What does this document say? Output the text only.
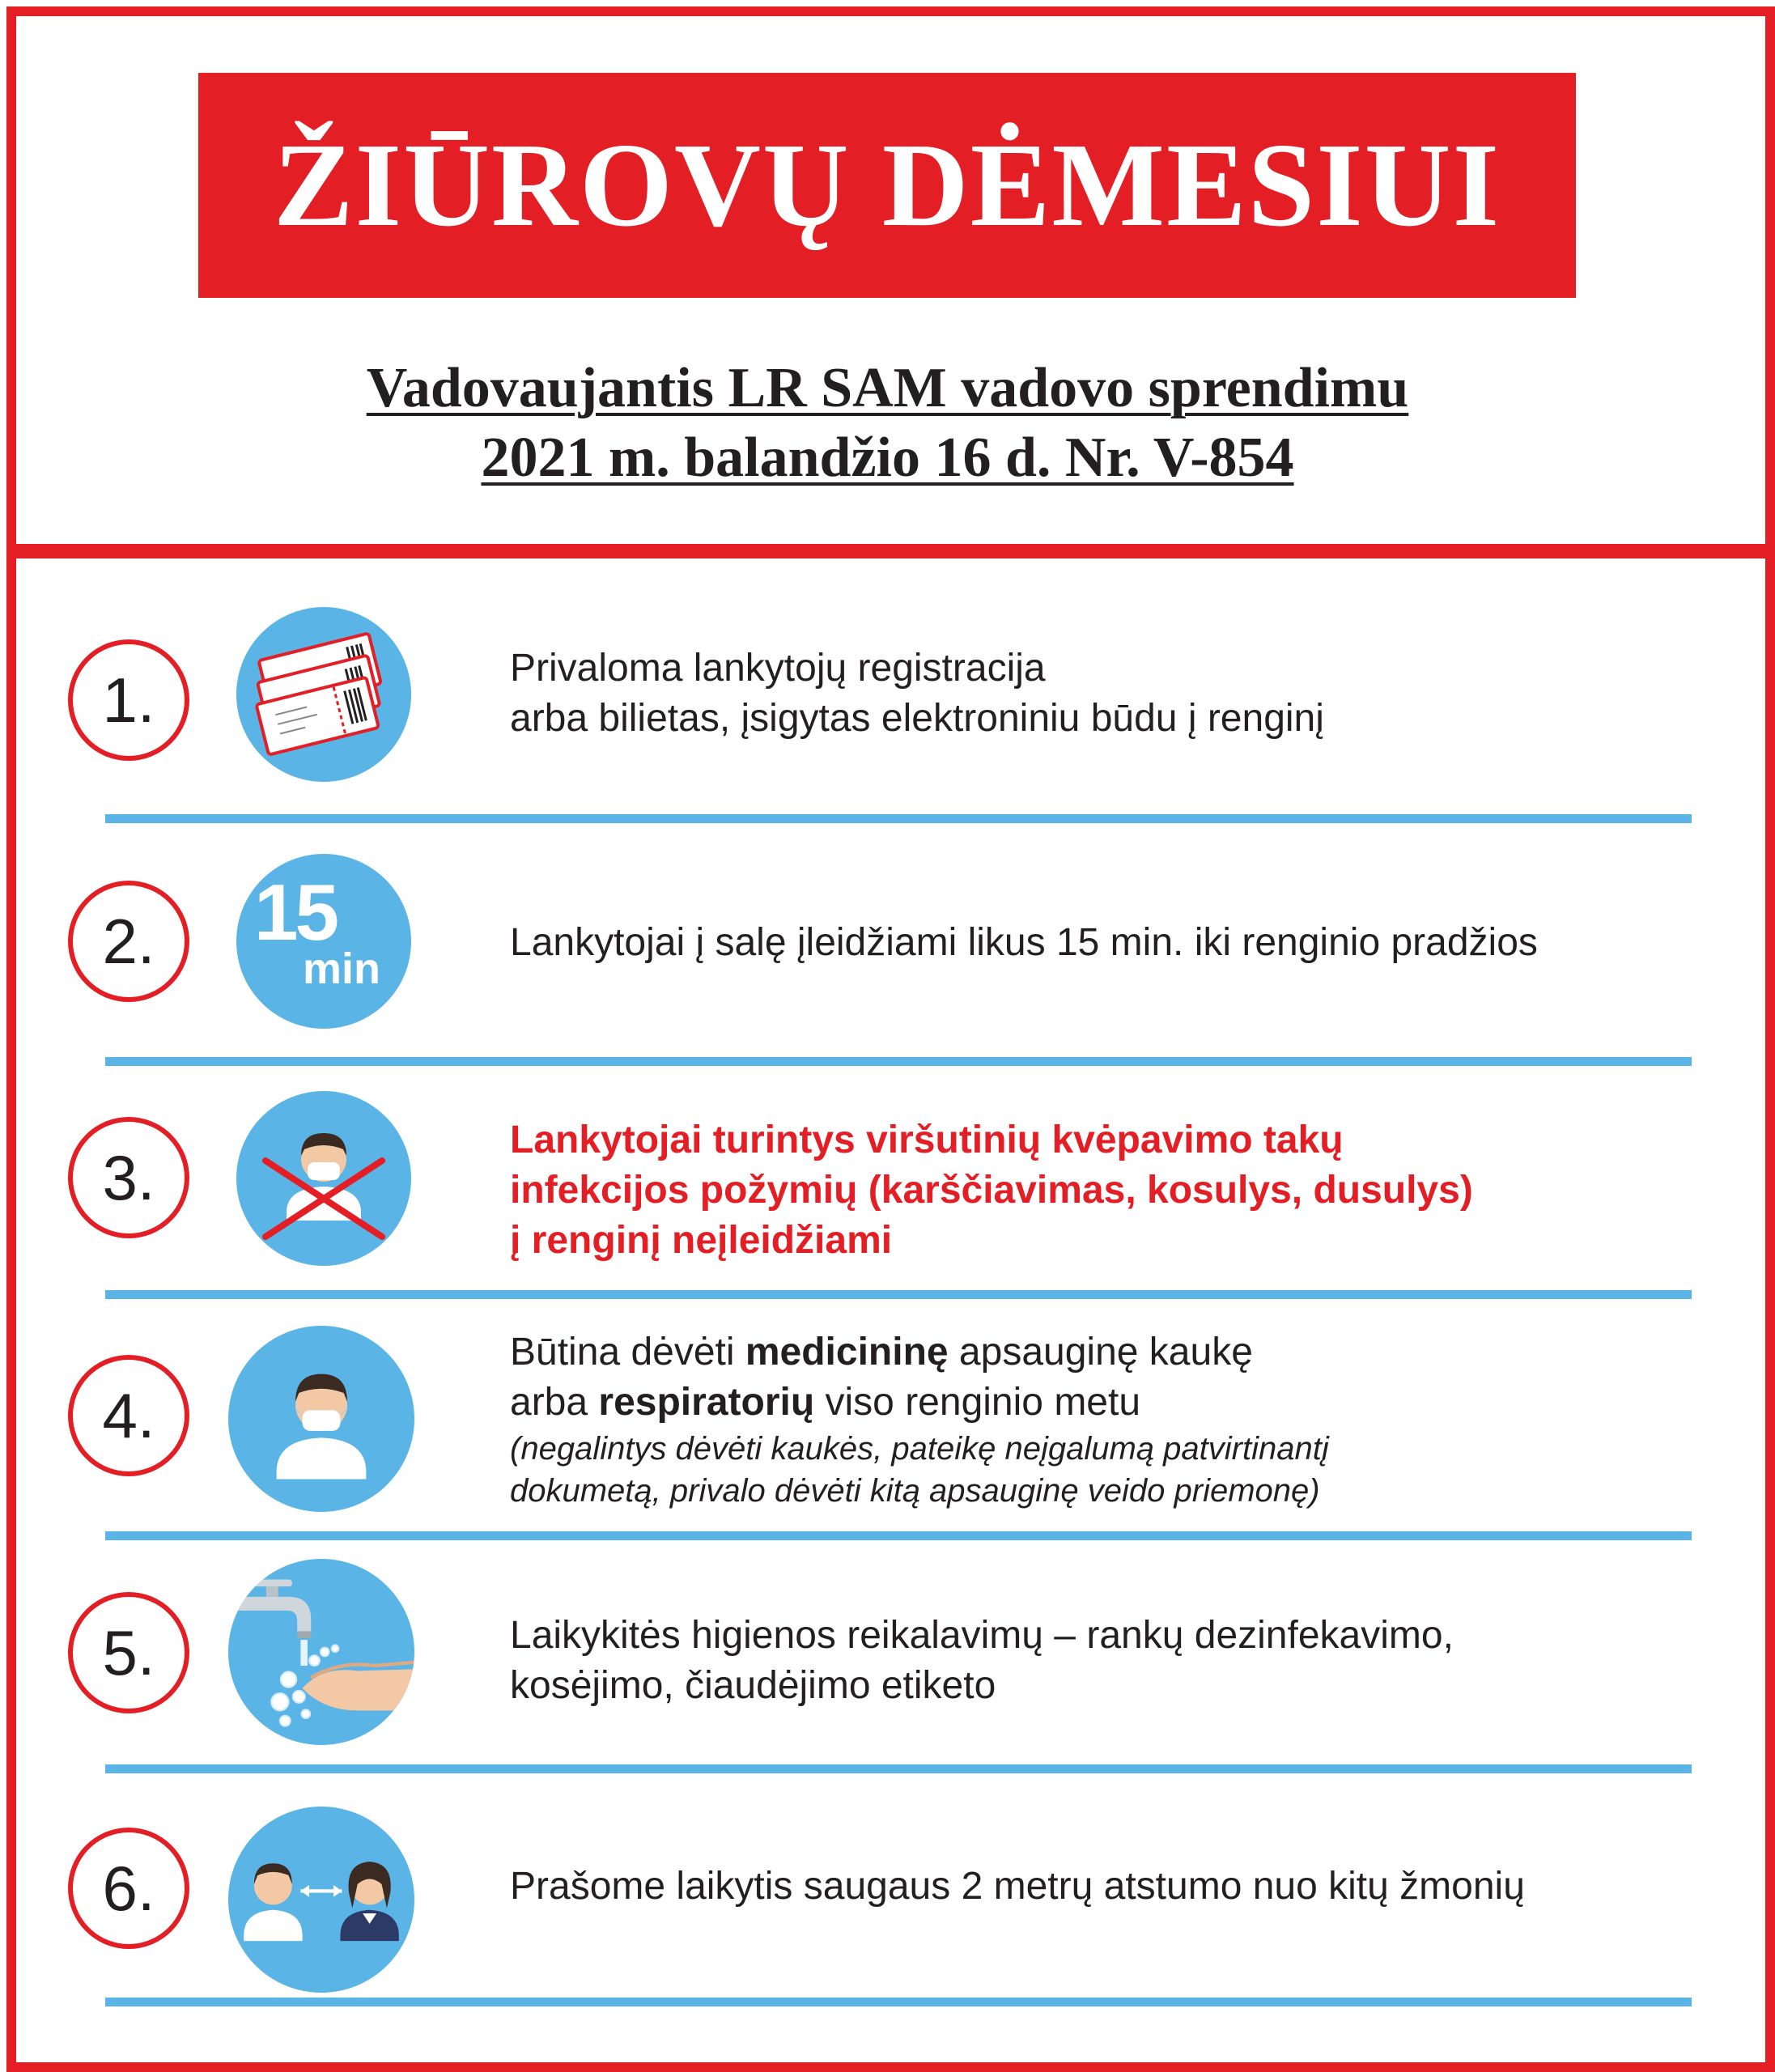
ŽIŪROVŲ DĖMESIUI
Vadovaujantis LR SAM vadovo sprendimu
2021 m. balandžio 16 d. Nr. V-854
1.	Privaloma lankytojų registracija
arba bilietas, įsigytas elektroniniu būdu į renginį
2.	15
min
Lankytojai į salę įleidžiami likus 15 min. iki renginio pradžios
3.
Lankytojai turintys viršutinių kvėpavimo takų
infekcijos požymių (karščiavimas, kosulys, dusulys)
į renginį neįleidžiami
4.
Būtina dėvėti medicininę apsauginę kaukę
arba respiratorių viso renginio metu
(negalintys dėvėti kaukės, pateikę neįgalumą patvirtinantį
dokumetą, privalo dėvėti kitą apsauginę veido priemonę)
5.	Laikykitės higienos reikalavimų – rankų dezinfekavimo,
kosėjimo, čiaudėjimo etiketo
6.	Prašome laikytis saugaus 2 metrų atstumo nuo kitų žmonių
